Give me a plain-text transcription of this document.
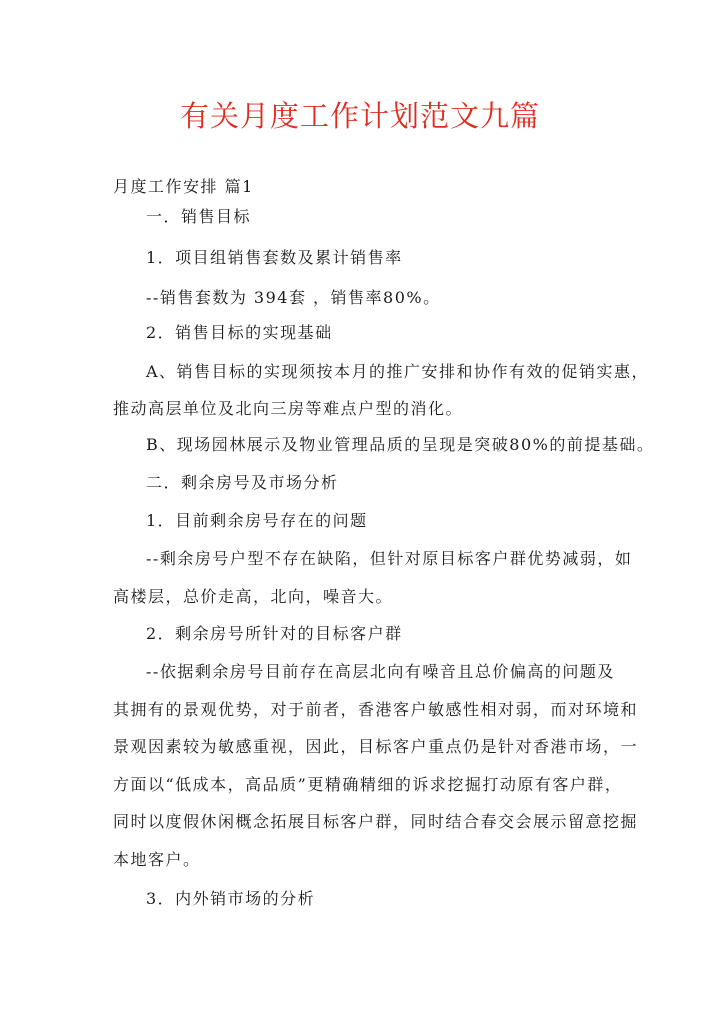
有关月度工作计划范文九篇
月度工作安排 篇1
一．销售目标
1．项目组销售套数及累计销售率
--销售套数为 394套 ，销售率80%。
2．销售目标的实现基础
A、销售目标的实现须按本月的推广安排和协作有效的促销实惠，
推动高层单位及北向三房等难点户型的消化。
B、现场园林展示及物业管理品质的呈现是突破80%的前提基础。
二．剩余房号及市场分析
1．目前剩余房号存在的问题
--剩余房号户型不存在缺陷，但针对原目标客户群优势减弱，如
高楼层，总价走高，北向，噪音大。
2．剩余房号所针对的目标客户群
--依据剩余房号目前存在高层北向有噪音且总价偏高的问题及
其拥有的景观优势，对于前者，香港客户敏感性相对弱，而对环境和
景观因素较为敏感重视，因此，目标客户重点仍是针对香港市场，一
方面以“低成本，高品质”更精确精细的诉求挖掘打动原有客户群，
同时以度假休闲概念拓展目标客户群，同时结合春交会展示留意挖掘
本地客户。
3．内外销市场的分析
